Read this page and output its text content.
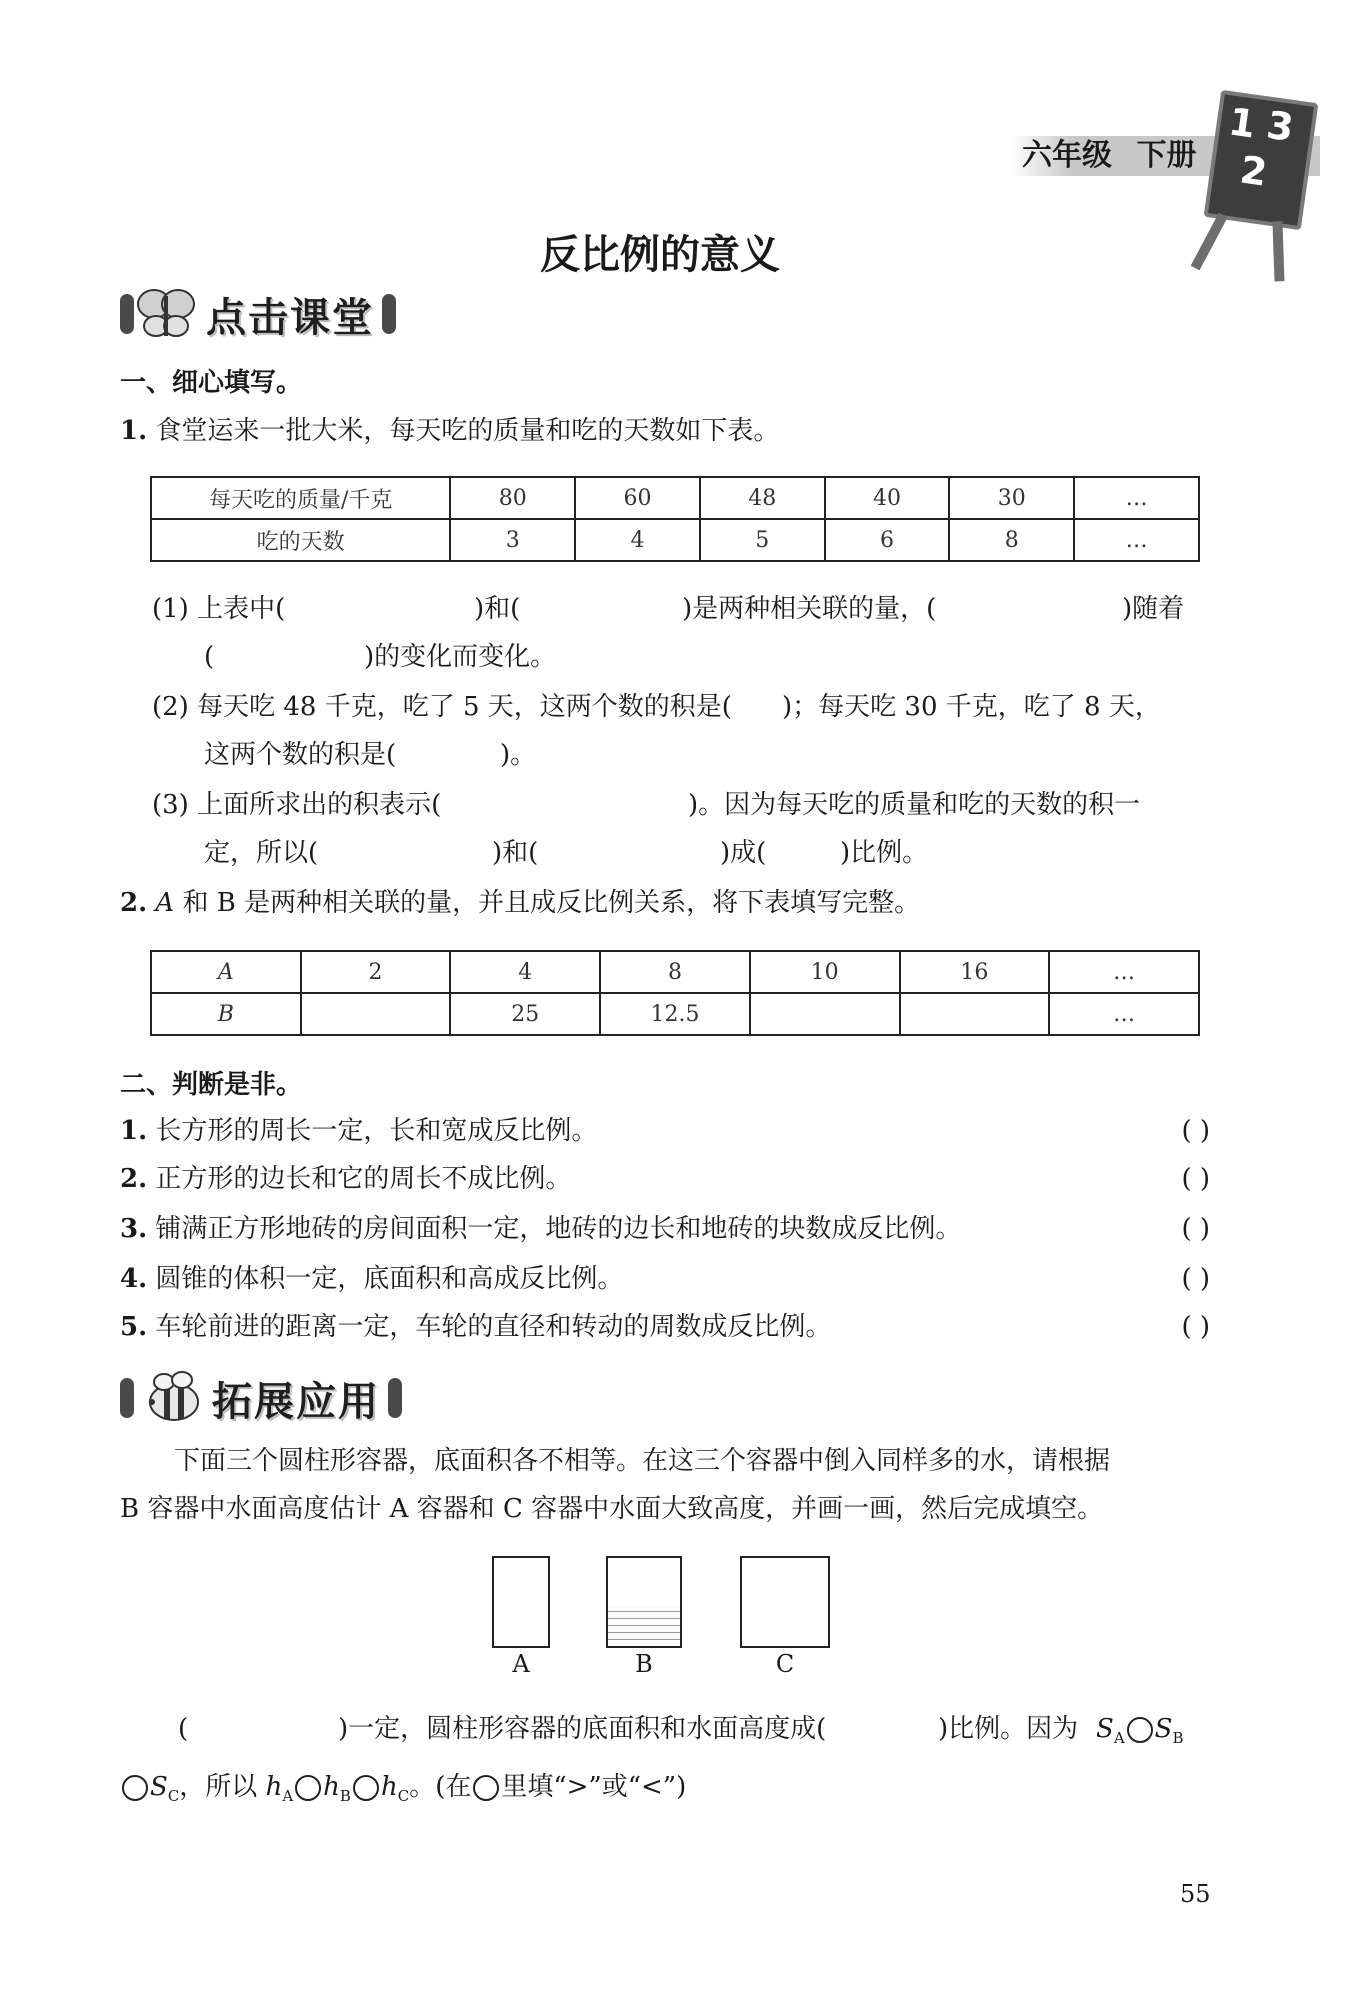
六年级 下册
1 3
2
反比例的意义
点击课堂
一、细心填写。
1. 食堂运来一批大米，每天吃的质量和吃的天数如下表。
每天吃的质量/千克	80	60	48	40	30	…
吃的天数	3	4	5	6	8	…
(1) 上表中(	)和(	)是两种相关联的量，(	)随着
(	)的变化而变化。
(2) 每天吃 48 千克，吃了 5 天，这两个数的积是( )；每天吃 30 千克，吃了 8 天，
这两个数的积是(	)。
(3) 上面所求出的积表示(	)。因为每天吃的质量和吃的天数的积一
定，所以(	)和(	)成(	)比例。
2. A 和 B 是两种相关联的量，并且成反比例关系，将下表填写完整。
A	2	4	8	10	16	…
B		25	12.5			…
二、判断是非。
1. 长方形的周长一定，长和宽成反比例。	( )
2. 正方形的边长和它的周长不成比例。	( )
3. 铺满正方形地砖的房间面积一定，地砖的边长和地砖的块数成反比例。	( )
4. 圆锥的体积一定，底面积和高成反比例。	( )
5. 车轮前进的距离一定，车轮的直径和转动的周数成反比例。	( )
拓展应用
下面三个圆柱形容器，底面积各不相等。在这三个容器中倒入同样多的水，请根据
B 容器中水面高度估计 A 容器和 C 容器中水面大致高度，并画一画，然后完成填空。
A	B	C
(	)一定，圆柱形容器的底面积和水面高度成(	)比例。因为 $S_A$ $S_B$
$S_C$，所以 $h_A$ $h_B$ $h_C$。(在 里填“>”或“<”)
55
